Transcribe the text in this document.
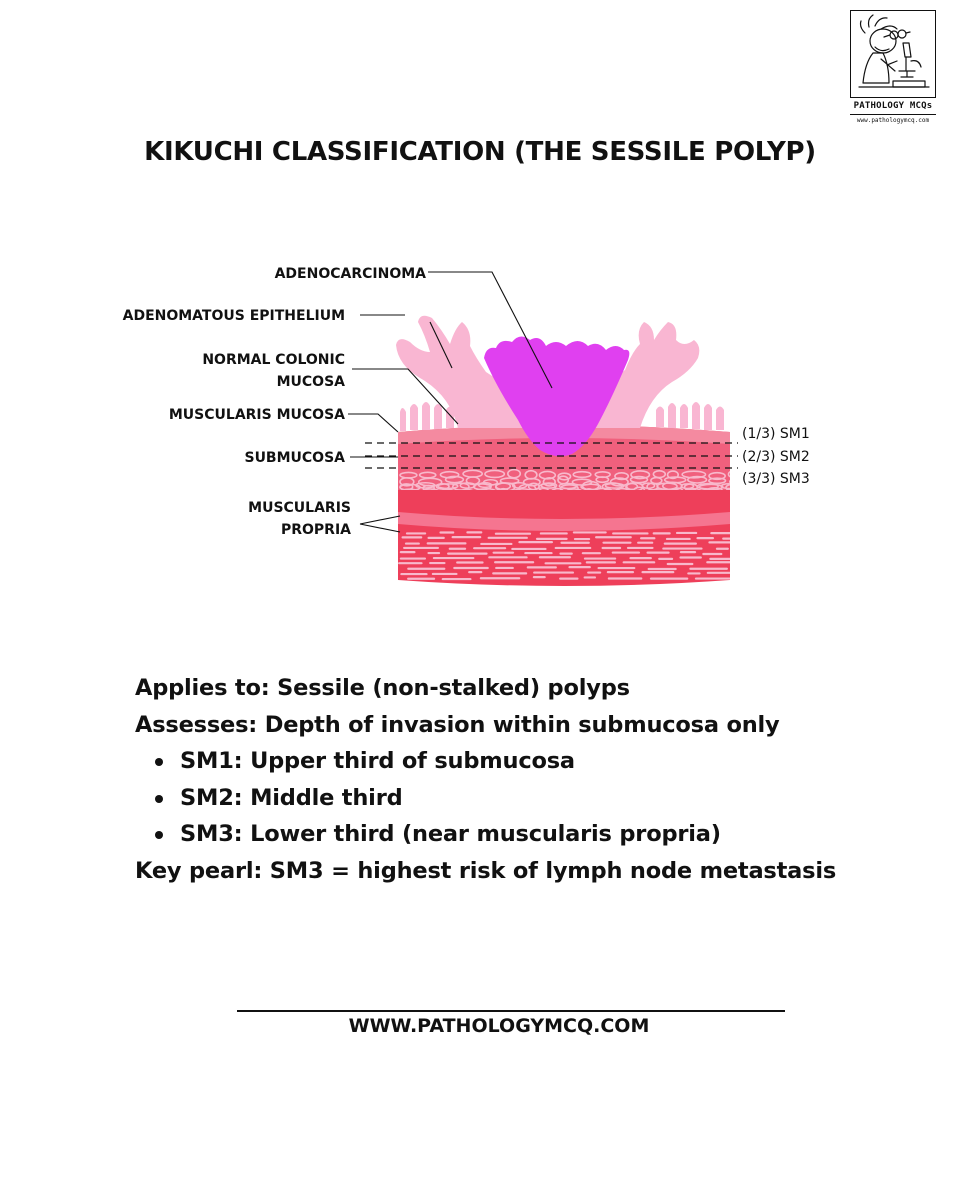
PATHOLOGY MCQs
www.pathologymcq.com
KIKUCHI CLASSIFICATION (THE SESSILE POLYP)
ADENOCARCINOMA
ADENOMATOUS EPITHELIUM
NORMAL COLONIC
MUCOSA
MUSCULARIS MUCOSA
SUBMUCOSA
MUSCULARIS
PROPRIA
(1/3) SM1
(2/3) SM2
(3/3) SM3
Applies to: Sessile (non-stalked) polyps
Assesses: Depth of invasion within submucosa only
SM1: Upper third of submucosa
SM2: Middle third
SM3: Lower third (near muscularis propria)
Key pearl: SM3 = highest risk of lymph node metastasis
WWW.PATHOLOGYMCQ.COM
